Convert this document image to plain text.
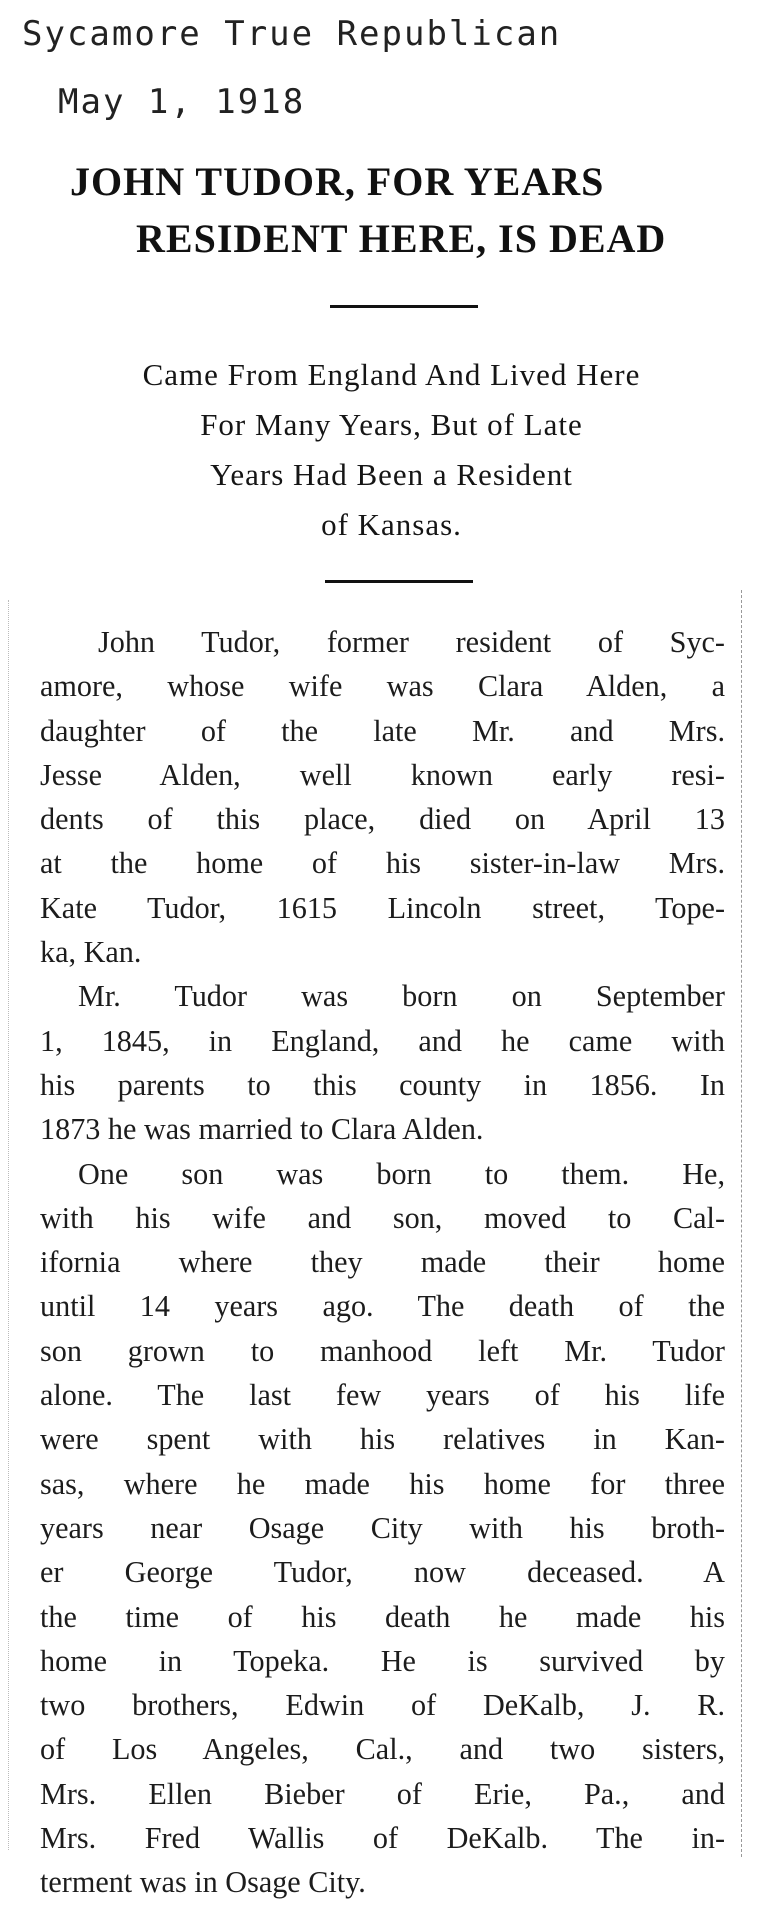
Sycamore True Republican
May 1, 1918
JOHN TUDOR, FOR YEARS
RESIDENT HERE, IS DEAD
Came From England And Lived Here
For Many Years, But of Late
Years Had Been a Resident
of Kansas.

John Tudor, former resident of Syc-
amore, whose wife was Clara Alden, a
daughter of the late Mr. and Mrs.
Jesse Alden, well known early resi-
dents of this place, died on April 13
at the home of his sister-in-law Mrs.
Kate Tudor, 1615 Lincoln street, Tope-
ka, Kan.

Mr. Tudor was born on September
1, 1845, in England, and he came with
his parents to this county in 1856. In
1873 he was married to Clara Alden.

One son was born to them. He,
with his wife and son, moved to Cal-
ifornia where they made their home
until 14 years ago. The death of the
son grown to manhood left Mr. Tudor
alone. The last few years of his life
were spent with his relatives in Kan-
sas, where he made his home for three
years near Osage City with his broth-
er George Tudor, now deceased. A
the time of his death he made his
home in Topeka. He is survived by
two brothers, Edwin of DeKalb, J. R.
of Los Angeles, Cal., and two sisters,
Mrs. Ellen Bieber of Erie, Pa., and
Mrs. Fred Wallis of DeKalb. The in-
terment was in Osage City.
